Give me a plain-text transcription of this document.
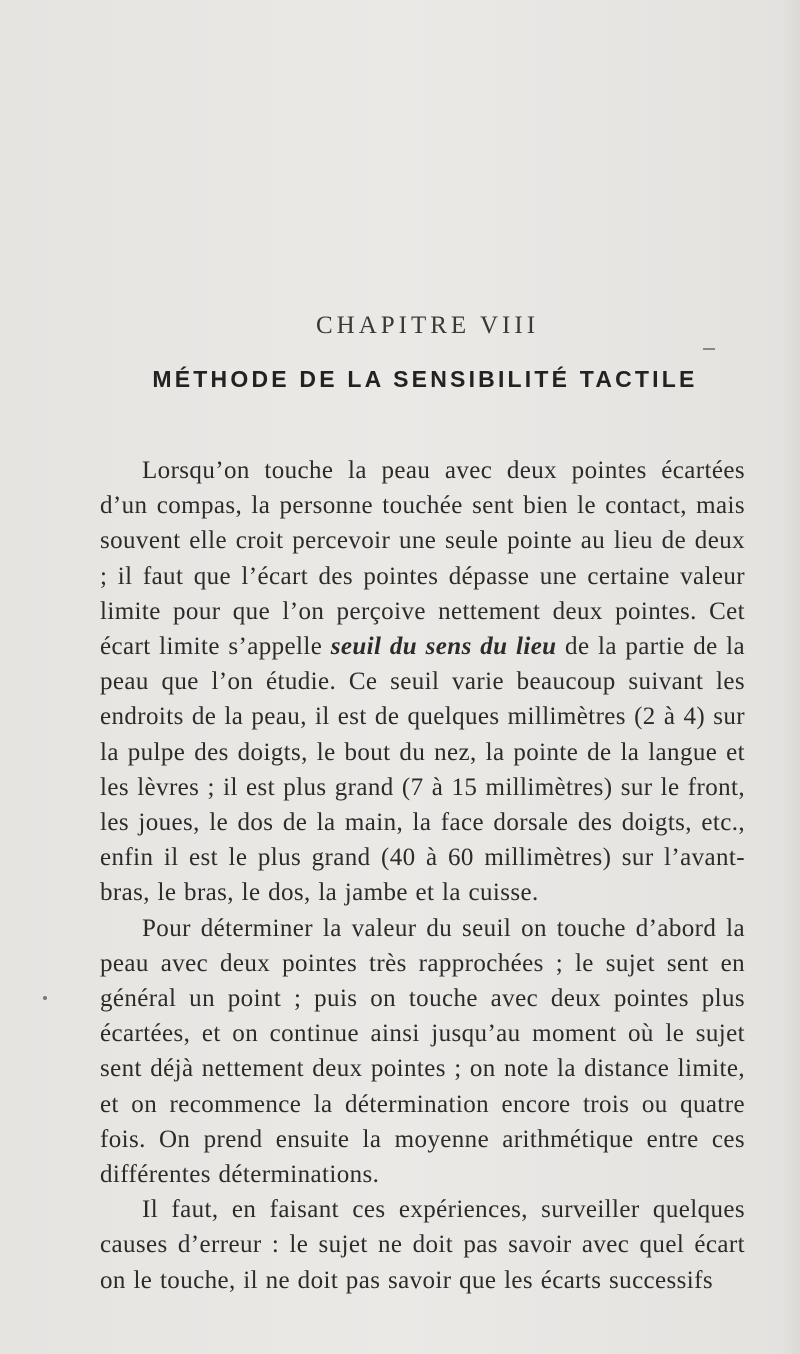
CHAPITRE VIII
MÉTHODE DE LA SENSIBILITÉ TACTILE

Lorsqu’on touche la peau avec deux pointes écartées d’un compas, la personne touchée sent bien le contact, mais souvent elle croit percevoir une seule pointe au lieu de deux ; il faut que l’écart des pointes dépasse une certaine valeur limite pour que l’on perçoive nettement deux pointes. Cet écart limite s’appelle seuil du sens du lieu de la partie de la peau que l’on étudie. Ce seuil varie beaucoup suivant les endroits de la peau, il est de quelques millimètres (2 à 4) sur la pulpe des doigts, le bout du nez, la pointe de la langue et les lèvres ; il est plus grand (7 à 15 millimètres) sur le front, les joues, le dos de la main, la face dorsale des doigts, etc., enfin il est le plus grand (40 à 60 millimètres) sur l’avant-bras, le bras, le dos, la jambe et la cuisse.

Pour déterminer la valeur du seuil on touche d’abord la peau avec deux pointes très rapprochées ; le sujet sent en général un point ; puis on touche avec deux pointes plus écartées, et on continue ainsi jusqu’au moment où le sujet sent déjà nettement deux pointes ; on note la distance limite, et on recommence la détermination encore trois ou quatre fois. On prend ensuite la moyenne arithmétique entre ces différentes déterminations.

Il faut, en faisant ces expériences, surveiller quelques causes d’erreur : le sujet ne doit pas savoir avec quel écart on le touche, il ne doit pas savoir que les écarts successifs
